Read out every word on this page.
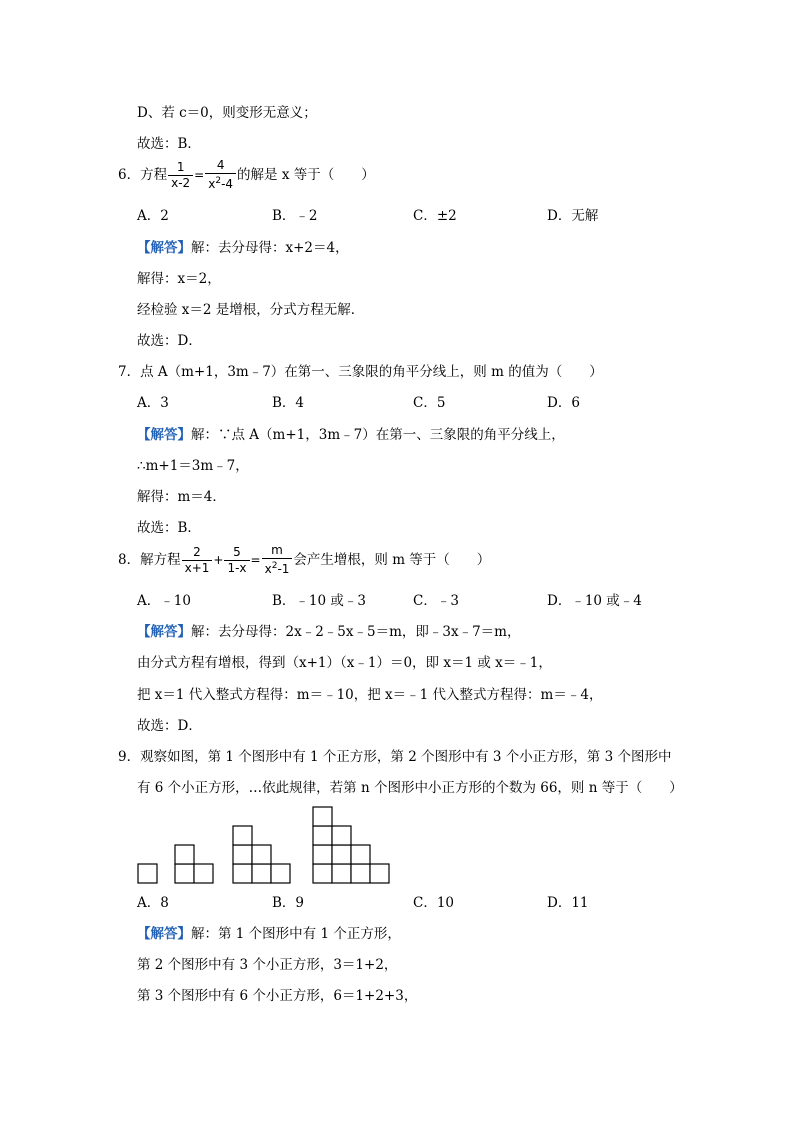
D、若 c＝0，则变形无意义；
故选：B．
6．方程 $\frac{1}{x-2} = \frac{4}{x^2-4}$ 的解是 x 等于（　　）
A．2	B．﹣2	C．±2	D．无解
【解答】解：去分母得：x+2＝4，
解得：x＝2，
经检验 x＝2 是增根，分式方程无解．
故选：D．
7．点 A（m+1，3m﹣7）在第一、三象限的角平分线上，则 m 的值为（　　）
A．3	B．4	C．5	D．6
【解答】解：∵点 A（m+1，3m﹣7）在第一、三象限的角平分线上，
∴m+1＝3m﹣7，
解得：m＝4．
故选：B．
8．解方程 $\frac{2}{x+1} + \frac{5}{1-x} = \frac{m}{x^2-1}$ 会产生增根，则 m 等于（　　）
A．﹣10	B．﹣10 或﹣3	C．﹣3	D．﹣10 或﹣4
【解答】解：去分母得：2x﹣2﹣5x﹣5＝m，即﹣3x﹣7＝m，
由分式方程有增根，得到（x+1）（x﹣1）＝0，即 x＝1 或 x＝﹣1，
把 x＝1 代入整式方程得：m＝﹣10，把 x＝﹣1 代入整式方程得：m＝﹣4，
故选：D．
9．观察如图，第 1 个图形中有 1 个正方形，第 2 个图形中有 3 个小正方形，第 3 个图形中
有 6 个小正方形，…依此规律，若第 n 个图形中小正方形的个数为 66，则 n 等于（　　）
A．8	B．9	C．10	D．11
【解答】解：第 1 个图形中有 1 个正方形，
第 2 个图形中有 3 个小正方形，3＝1+2，
第 3 个图形中有 6 个小正方形，6＝1+2+3，
